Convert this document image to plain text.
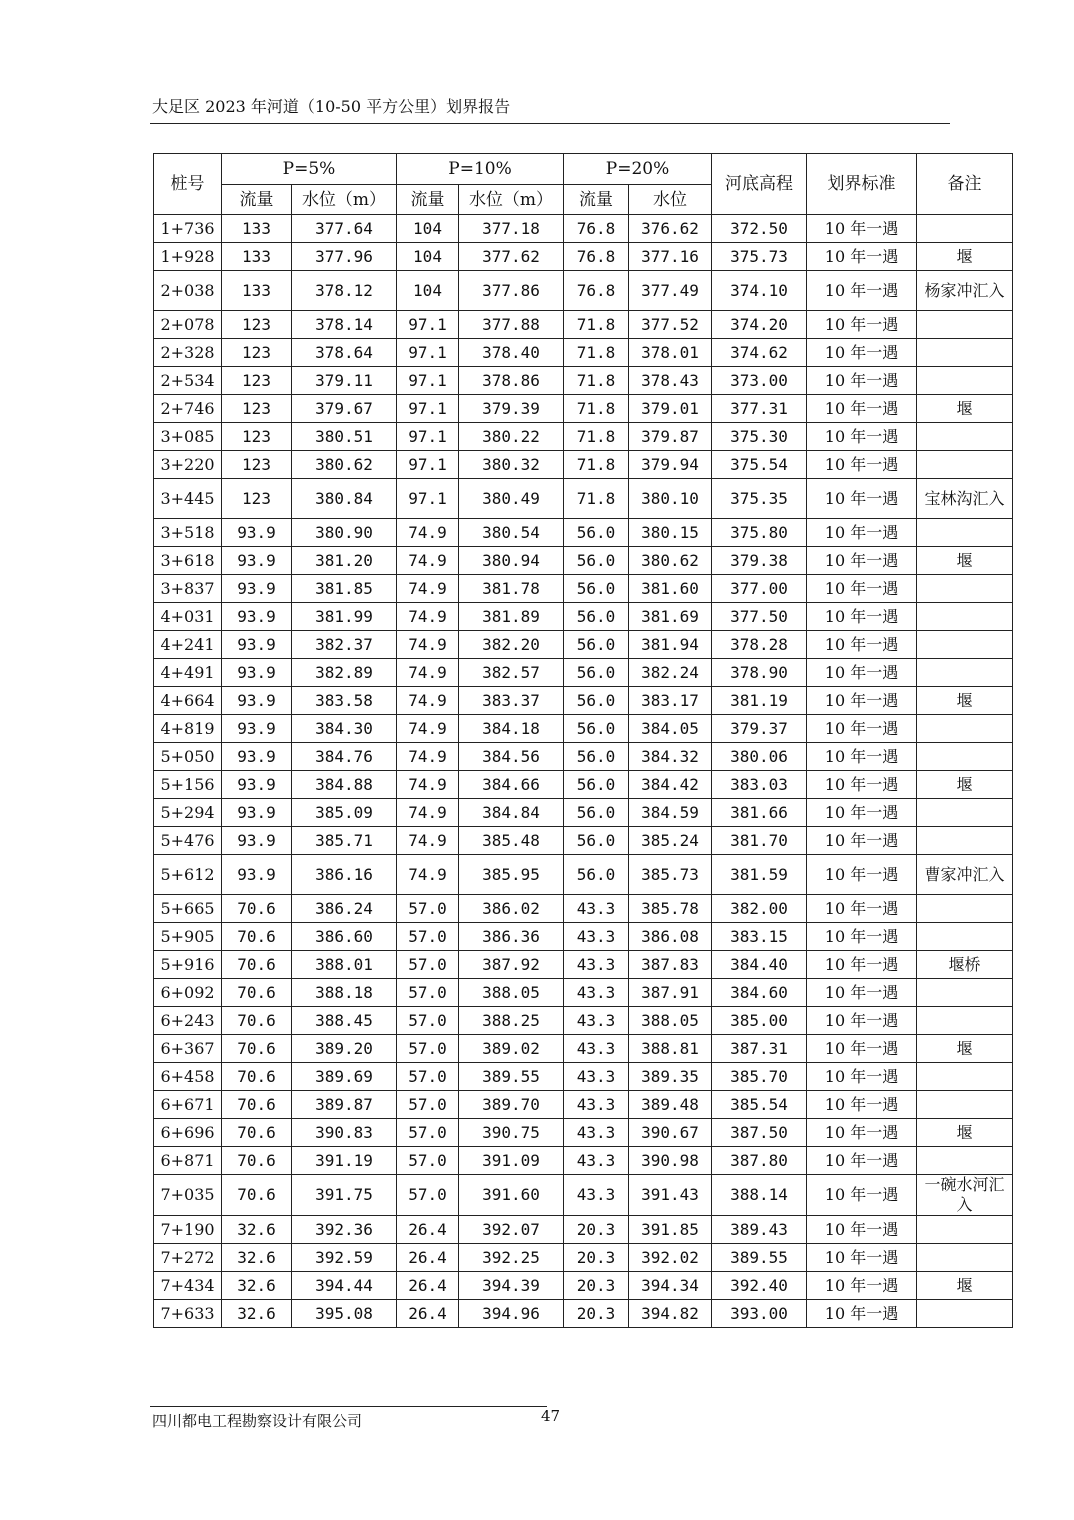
大足区 2023 年河道（10-50 平方公里）划界报告
桩号	P=5%		P=10%		P=20%		河底高程	划界标准	备注
	流量	水位（m）	流量	水位（m）	流量	水位			
1+736	133	377.64	104	377.18	76.8	376.62	372.50	10 年一遇	
1+928	133	377.96	104	377.62	76.8	377.16	375.73	10 年一遇	堰
2+038	133	378.12	104	377.86	76.8	377.49	374.10	10 年一遇	杨家冲汇入
2+078	123	378.14	97.1	377.88	71.8	377.52	374.20	10 年一遇	
2+328	123	378.64	97.1	378.40	71.8	378.01	374.62	10 年一遇	
2+534	123	379.11	97.1	378.86	71.8	378.43	373.00	10 年一遇	
2+746	123	379.67	97.1	379.39	71.8	379.01	377.31	10 年一遇	堰
3+085	123	380.51	97.1	380.22	71.8	379.87	375.30	10 年一遇	
3+220	123	380.62	97.1	380.32	71.8	379.94	375.54	10 年一遇	
3+445	123	380.84	97.1	380.49	71.8	380.10	375.35	10 年一遇	宝林沟汇入
3+518	93.9	380.90	74.9	380.54	56.0	380.15	375.80	10 年一遇	
3+618	93.9	381.20	74.9	380.94	56.0	380.62	379.38	10 年一遇	堰
3+837	93.9	381.85	74.9	381.78	56.0	381.60	377.00	10 年一遇	
4+031	93.9	381.99	74.9	381.89	56.0	381.69	377.50	10 年一遇	
4+241	93.9	382.37	74.9	382.20	56.0	381.94	378.28	10 年一遇	
4+491	93.9	382.89	74.9	382.57	56.0	382.24	378.90	10 年一遇	
4+664	93.9	383.58	74.9	383.37	56.0	383.17	381.19	10 年一遇	堰
4+819	93.9	384.30	74.9	384.18	56.0	384.05	379.37	10 年一遇	
5+050	93.9	384.76	74.9	384.56	56.0	384.32	380.06	10 年一遇	
5+156	93.9	384.88	74.9	384.66	56.0	384.42	383.03	10 年一遇	堰
5+294	93.9	385.09	74.9	384.84	56.0	384.59	381.66	10 年一遇	
5+476	93.9	385.71	74.9	385.48	56.0	385.24	381.70	10 年一遇	
5+612	93.9	386.16	74.9	385.95	56.0	385.73	381.59	10 年一遇	曹家冲汇入
5+665	70.6	386.24	57.0	386.02	43.3	385.78	382.00	10 年一遇	
5+905	70.6	386.60	57.0	386.36	43.3	386.08	383.15	10 年一遇	
5+916	70.6	388.01	57.0	387.92	43.3	387.83	384.40	10 年一遇	堰桥
6+092	70.6	388.18	57.0	388.05	43.3	387.91	384.60	10 年一遇	
6+243	70.6	388.45	57.0	388.25	43.3	388.05	385.00	10 年一遇	
6+367	70.6	389.20	57.0	389.02	43.3	388.81	387.31	10 年一遇	堰
6+458	70.6	389.69	57.0	389.55	43.3	389.35	385.70	10 年一遇	
6+671	70.6	389.87	57.0	389.70	43.3	389.48	385.54	10 年一遇	
6+696	70.6	390.83	57.0	390.75	43.3	390.67	387.50	10 年一遇	堰
6+871	70.6	391.19	57.0	391.09	43.3	390.98	387.80	10 年一遇	
7+035	70.6	391.75	57.0	391.60	43.3	391.43	388.14	10 年一遇	一碗水河汇入
7+190	32.6	392.36	26.4	392.07	20.3	391.85	389.43	10 年一遇	
7+272	32.6	392.59	26.4	392.25	20.3	392.02	389.55	10 年一遇	
7+434	32.6	394.44	26.4	394.39	20.3	394.34	392.40	10 年一遇	堰
7+633	32.6	395.08	26.4	394.96	20.3	394.82	393.00	10 年一遇	
四川都电工程勘察设计有限公司	47
